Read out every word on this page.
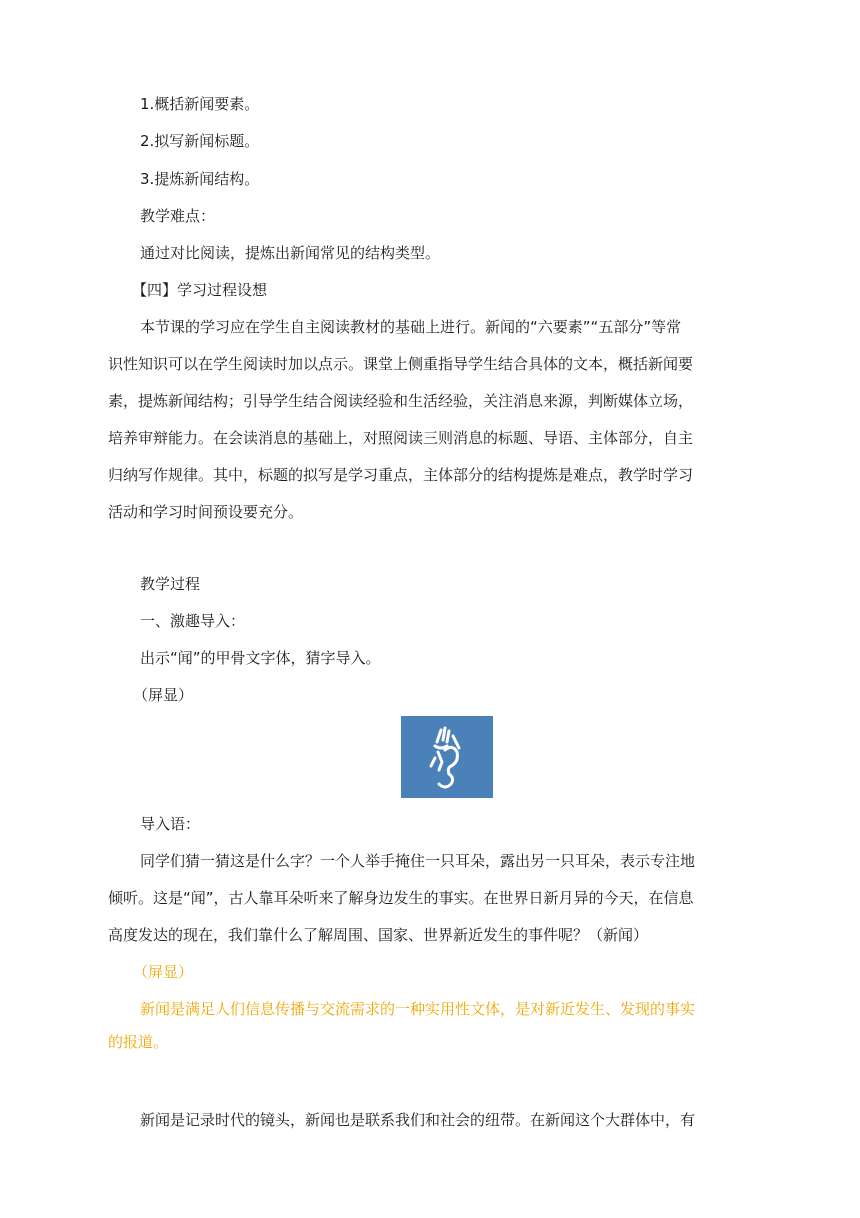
1.概括新闻要素。
2.拟写新闻标题。
3.提炼新闻结构。
教学难点：
通过对比阅读，提炼出新闻常见的结构类型。
【四】学习过程设想
本节课的学习应在学生自主阅读教材的基础上进行。新闻的“六要素”“五部分”等常
识性知识可以在学生阅读时加以点示。课堂上侧重指导学生结合具体的文本，概括新闻要
素，提炼新闻结构；引导学生结合阅读经验和生活经验，关注消息来源，判断媒体立场，
培养审辩能力。在会读消息的基础上，对照阅读三则消息的标题、导语、主体部分，自主
归纳写作规律。其中，标题的拟写是学习重点，主体部分的结构提炼是难点，教学时学习
活动和学习时间预设要充分。
教学过程
一、激趣导入：
出示“闻”的甲骨文字体，猜字导入。
（屏显）
导入语：
同学们猜一猜这是什么字？一个人举手掩住一只耳朵，露出另一只耳朵，表示专注地
倾听。这是“闻”，古人靠耳朵听来了解身边发生的事实。在世界日新月异的今天，在信息
高度发达的现在，我们靠什么了解周围、国家、世界新近发生的事件呢？（新闻）
（屏显）
新闻是满足人们信息传播与交流需求的一种实用性文体，是对新近发生、发现的事实
的报道。
新闻是记录时代的镜头，新闻也是联系我们和社会的纽带。在新闻这个大群体中，有
